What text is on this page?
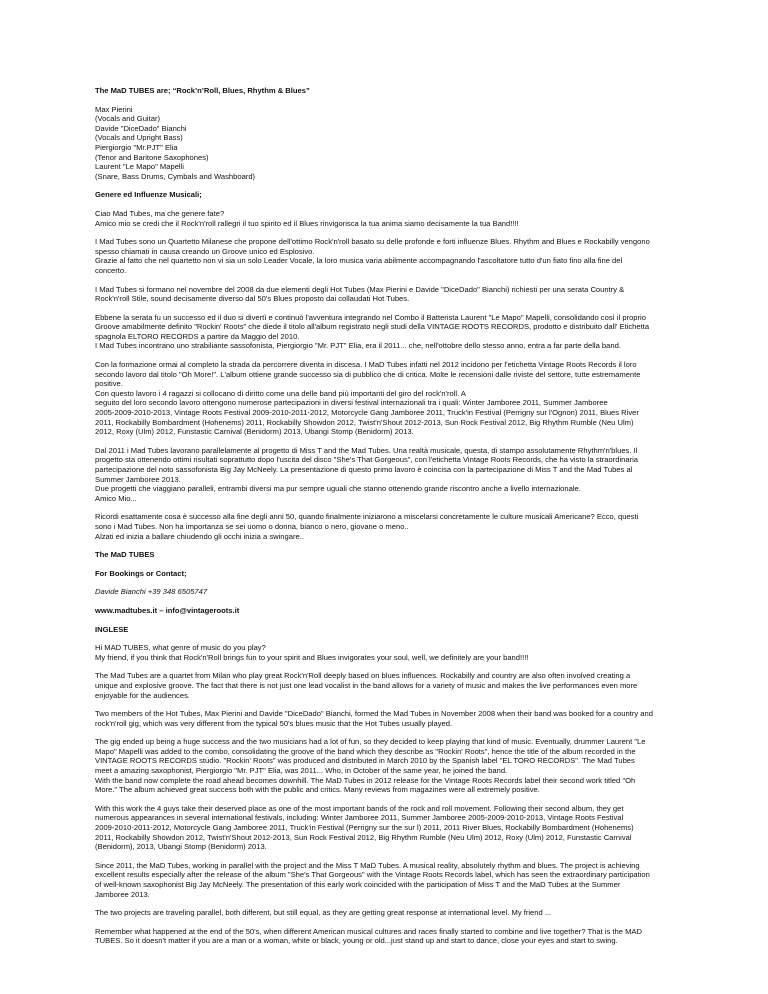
The MaD TUBES are; “Rock’n’Roll, Blues, Rhythm & Blues”

Max Pierini
(Vocals and Guitar)
Davide "DiceDado" Bianchi
(Vocals and Upright Bass)
Piergiorgio "Mr.PJT" Elia
(Tenor and Baritone Saxophones)
Laurent "Le Mapo" Mapelli
(Snare, Bass Drums, Cymbals and Washboard)

Genere ed Influenze Musicali;

Ciao Mad Tubes, ma che genere fate?
Amico mio se credi che il Rock'n'roll rallegri il tuo spirito ed il Blues rinvigorisca la tua anima siamo decisamente la tua Band!!!!

I Mad Tubes sono un Quartetto Milanese che propone dell'ottimo Rock'n'roll basato su delle profonde e forti influenze Blues. Rhythm and Blues e Rockabilly vengono
spesso chiamati in causa creando un Groove unico ed Esplosivo.
Grazie al fatto che nel quartetto non vi sia un solo Leader Vocale, la loro musica varia abilmente accompagnando l'ascoltatore tutto d'un fiato fino alla fine del
concerto.

I Mad Tubes si formano nel novembre del 2008 da due elementi degli Hot Tubes (Max Pierini e Davide "DiceDado" Bianchi) richiesti per una serata Country &
Rock'n'roll Stile, sound decisamente diverso dal 50's Blues proposto dai collaudati Hot Tubes.

Ebbene la serata fu un successo ed il duo si divertì e continuò l'avventura integrando nel Combo il Batterista Laurent "Le Mapo" Mapelli, consolidando così il proprio
Groove amabilmente definito "Rockin' Roots" che diede il titolo all'album registrato negli studi della VINTAGE ROOTS RECORDS, prodotto e distribuito dall' Etichetta
spagnola ELTORO RECORDS a partire da Maggio del 2010.
I Mad Tubes incontrano uno strabiliante sassofonista, Piergiorgio "Mr. PJT" Elia, era il 2011... che, nell'ottobre dello stesso anno, entra a far parte della band.

Con la formazione ormai al completo la strada da percorrere diventa in discesa. I MaD Tubes infatti nel 2012 incidono per l'etichetta Vintage Roots Records il loro
secondo lavoro dal titolo "Oh More!". L'album ottiene grande successo sia di pubblico che di critica. Molte le recensioni dalle riviste del settore, tutte estremamente
positive.
Con questo lavoro i 4 ragazzi si collocano di diritto come una delle band più importanti del giro del rock'n'roll. A
seguito del loro secondo lavoro ottengono numerose partecipazioni in diversi festival internazionali tra i quali: Winter Jamboree 2011, Summer Jamboree
2005-2009-2010-2013, Vintage Roots Festival 2009-2010-2011-2012, Motorcycle Gang Jamboree 2011, Truck'in Festival (Perrigny sur l'Ognon) 2011, Blues River
2011, Rockabilly Bombardment (Hohenems) 2011, Rockabilly Showdon 2012, Twist'n'Shout 2012-2013, Sun Rock Festival 2012, Big Rhythm Rumble (Neu Ulm)
2012, Roxy (Ulm) 2012, Funstastic Carnival (Benidorm) 2013, Ubangi Stomp (Benidorm) 2013.

Dal 2011 i Mad Tubes lavorano parallelamente al progetto di Miss T and the Mad Tubes. Una realtà musicale, questa, di stampo assolutamente Rhythm'n'blues. Il
progetto sta ottenendo ottimi risultati soprattutto dopo l'uscita del disco "She's That Gorgeous", con l'etichetta Vintage Roots Records, che ha visto la straordinaria
partecipazione del noto sassofonista Big Jay McNeely. La presentazione di questo primo lavoro è coincisa con la partecipazione di Miss T and the Mad Tubes al
Summer Jamboree 2013.
Due progetti che viaggiano paralleli, entrambi diversi ma pur sempre uguali che stanno ottenendo grande riscontro anche a livello internazionale.
Amico Mio...

Ricordi esattamente cosa è successo alla fine degli anni 50, quando finalmente iniziarono a miscelarsi concretamente le culture musicali Americane? Ecco, questi
sono i Mad Tubes. Non ha importanza se sei uomo o donna, bianco o nero, giovane o meno..
Alzati ed inizia a ballare chiudendo gli occhi inizia a swingare..

The MaD TUBES

For Bookings or Contact;

Davide Bianchi +39 348 6505747

www.madtubes.it – info@vintageroots.it

INGLESE

Hi MAD TUBES, what genre of music do you play?
My friend, if you think that Rock'n'Roll brings fun to your spirit and Blues invigorates your soul, well, we definitely are your band!!!!

The Mad Tubes are a quartet from Milan who play great Rock'n'Roll deeply based on blues influences. Rockabilly and country are also often involved creating a
unique and explosive groove. The fact that there is not just one lead vocalist in the band allows for a variety of music and makes the live performances even more
enjoyable for the audiences.

Two members of the Hot Tubes, Max Pierini and Davide "DiceDado" Bianchi, formed the Mad Tubes in November 2008 when their band was booked for a country and
rock'n'roll gig, which was very different from the typical 50's blues music that the Hot Tubes usually played.

The gig ended up being a huge success and the two musicians had a lot of fun, so they decided to keep playing that kind of music. Eventually, drummer Laurent "Le
Mapo" Mapelli was added to the combo, consolidating the groove of the band which they describe as "Rockin' Roots", hence the title of the album recorded in the
VINTAGE ROOTS RECORDS studio. "Rockin' Roots" was produced and distributed in March 2010 by the Spanish label "EL TORO RECORDS". The Mad Tubes
meet a amazing saxophonist, Piergiorgio "Mr. PJT" Elia, was 2011... Who, in October of the same year, he joined the band.
With the band now complete the road ahead becomes downhill. The MaD Tubes in 2012 release for the Vintage Roots Records label their second work titled "Oh
More." The album achieved great success both with the public and critics. Many reviews from magazines were all extremely positive.

With this work the 4 guys take their deserved place as one of the most important bands of the rock and roll movement. Following their second album, they get
numerous appearances in several international festivals, including: Winter Jamboree 2011, Summer Jamboree 2005-2009-2010-2013, Vintage Roots Festival
2009-2010-2011-2012, Motorcycle Gang Jamboree 2011, Truck'in Festival (Perrigny sur the sur l) 2011, 2011 River Blues, Rockabilly Bombardment (Hohenems)
2011, Rockabilly Showdon 2012, Twist'n'Shout 2012-2013, Sun Rock Festival 2012, Big Rhythm Rumble (Neu Ulm) 2012, Roxy (Ulm) 2012, Funstastic Carnival
(Benidorm), 2013, Ubangi Stomp (Benidorm) 2013.

Since 2011, the MaD Tubes, working in parallel with the project and the Miss T MaD Tubes. A musical reality, absolutely rhythm and blues. The project is achieving
excellent results especially after the release of the album "She's That Gorgeous" with the Vintage Roots Records label, which has seen the extraordinary participation
of well-known saxophonist Big Jay McNeely. The presentation of this early work coincided with the participation of Miss T and the MaD Tubes at the Summer
Jamboree 2013.

The two projects are traveling parallel, both different, but still equal, as they are getting great response at international level. My friend ...

Remember what happened at the end of the 50's, when different American musical cultures and races finally started to combine and live together? That is the MAD
TUBES. So it doesn't matter if you are a man or a woman, white or black, young or old...just stand up and start to dance, close your eyes and start to swing.
